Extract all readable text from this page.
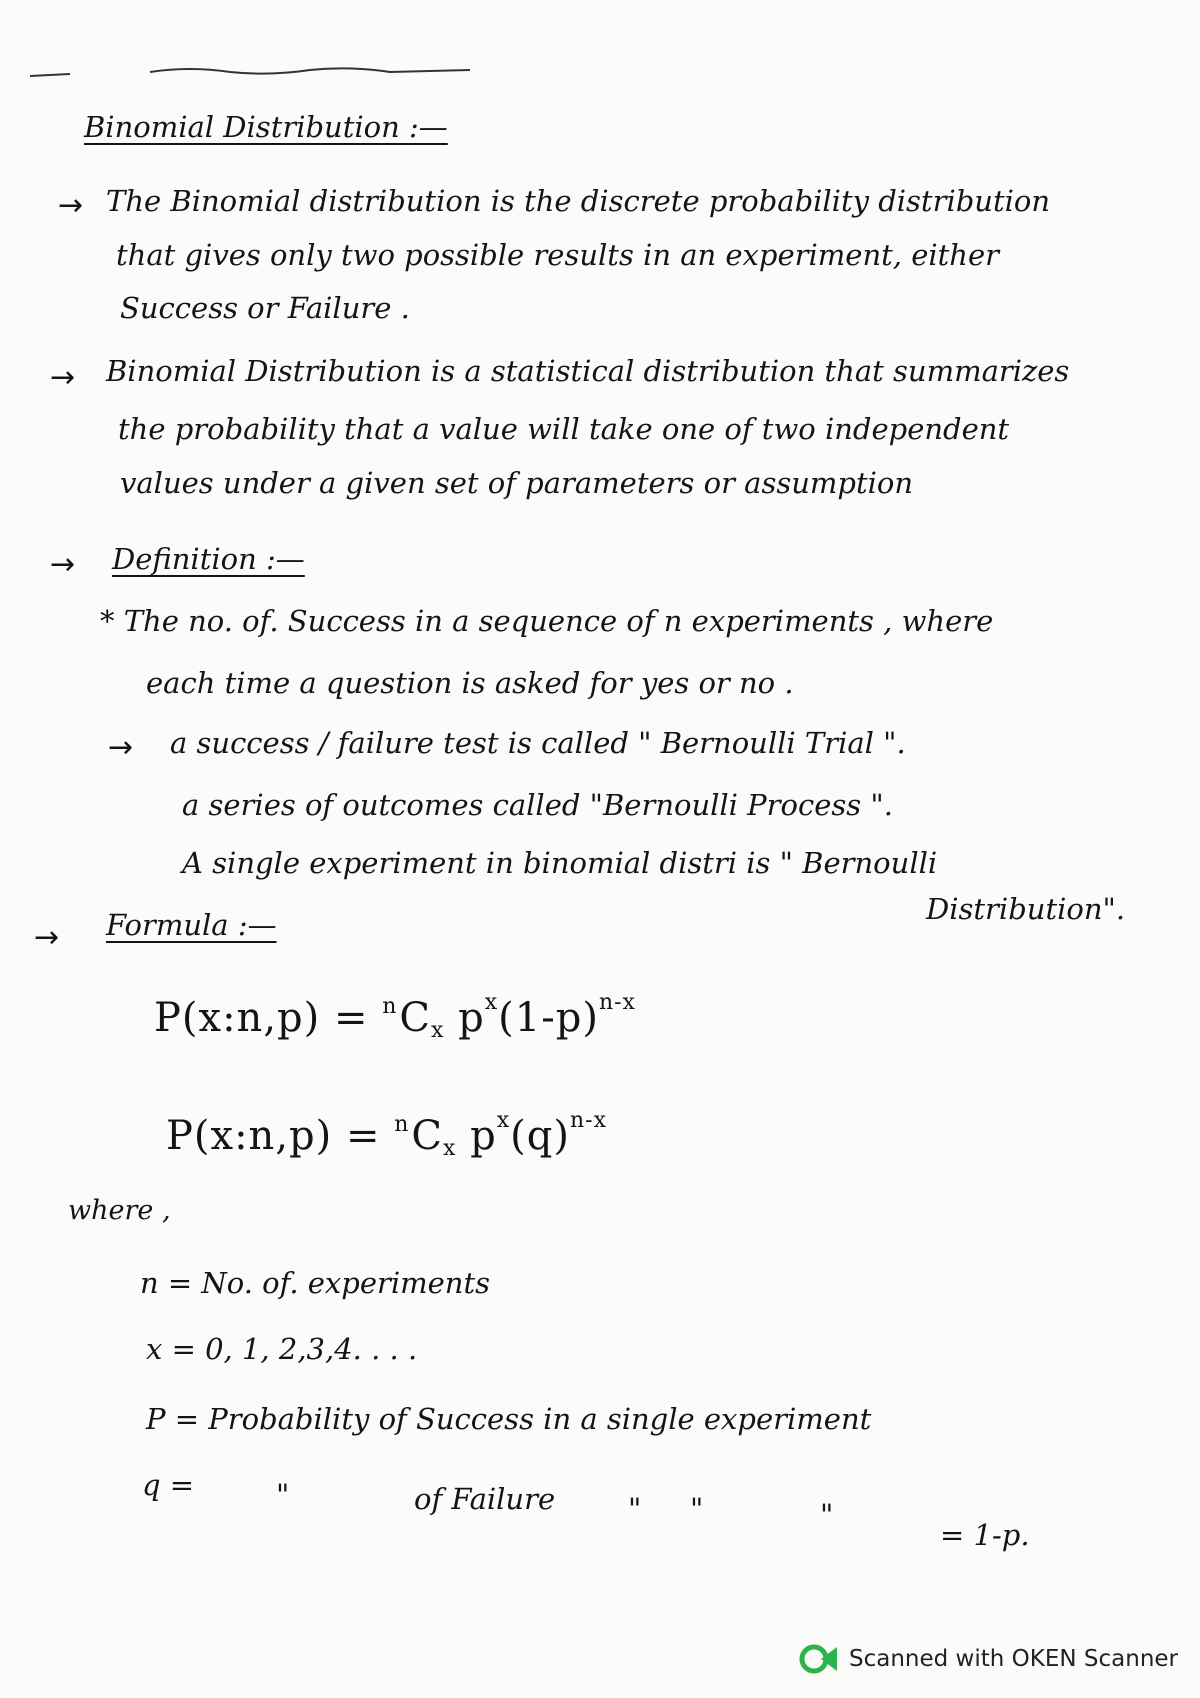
Binomial Distribution :—
→ The Binomial distribution is the discrete probability distribution
that gives only two possible results in an experiment, either
Success or Failure .
→ Binomial Distribution is a statistical distribution that summarizes
the probability that a value will take one of two independent
values under a given set of parameters or assumption
→ Definition :—
* The no. of. Success in a sequence of n experiments , where
each time a question is asked for yes or no .
→ a success / failure test is called " Bernoulli Trial ".
a series of outcomes called "Bernoulli Process ".
A single experiment in binomial distri is " Bernoulli
Distribution".
→ Formula :—
P(x:n,p) = $^nC_x$ $p^x(1-p)^{n-x}$
P(x:n,p) = $^nC_x$ $p^x(q)^{n-x}$
where ,
n = No. of. experiments
x = 0, 1, 2,3,4. . . .
P = Probability of Success in a single experiment
q =	"	of Failure	" "	"
= 1-p.
Scanned with OKEN Scanner
